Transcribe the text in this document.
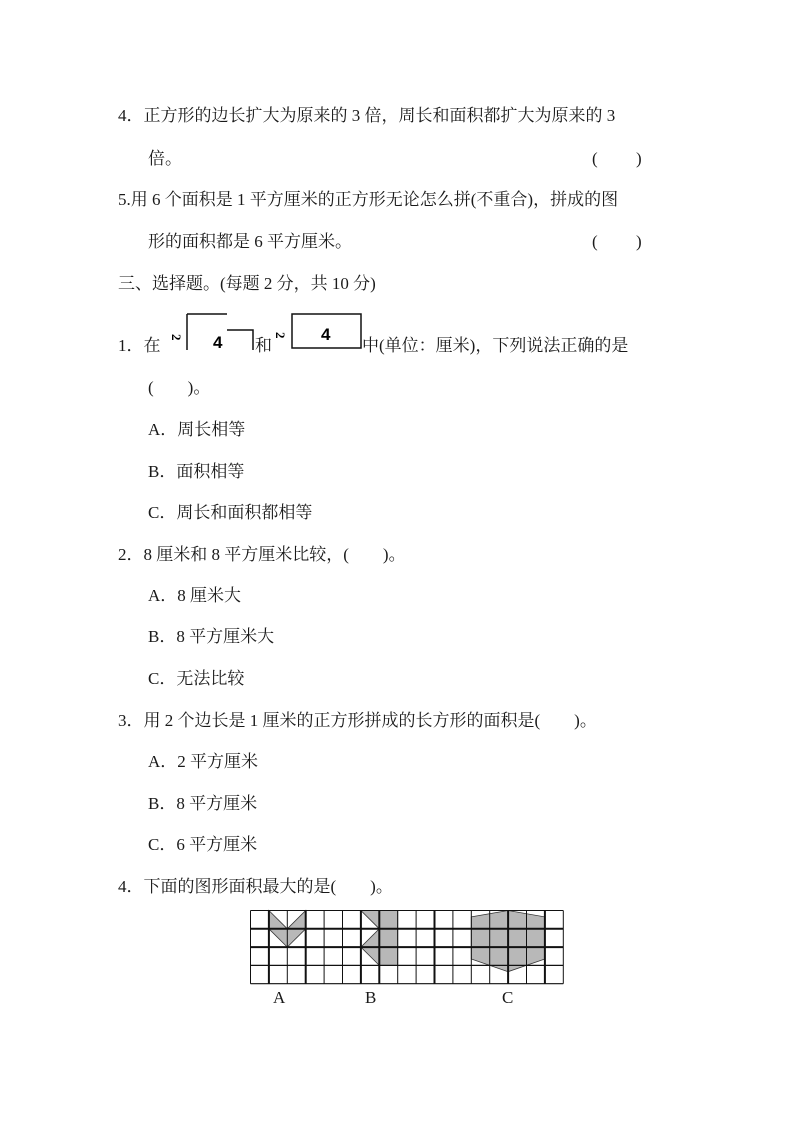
4．正方形的边长扩大为原来的 3 倍，周长和面积都扩大为原来的 3
倍。	( )
5.用 6 个面积是 1 平方厘米的正方形无论怎么拼(不重合)，拼成的图
形的面积都是 6 平方厘米。	( )
三、选择题。(每题 2 分，共 10 分)
1．在 2 4 和
2 4
中(单位：厘米)，下列说法正确的是
(　　)。
A．周长相等
B．面积相等
C．周长和面积都相等
2．8 厘米和 8 平方厘米比较，(　　)。
A．8 厘米大
B．8 平方厘米大
C．无法比较
3．用 2 个边长是 1 厘米的正方形拼成的长方形的面积是(　　)。
A．2 平方厘米
B．8 平方厘米
C．6 平方厘米
4．下面的图形面积最大的是(　　)。
A	B	C
